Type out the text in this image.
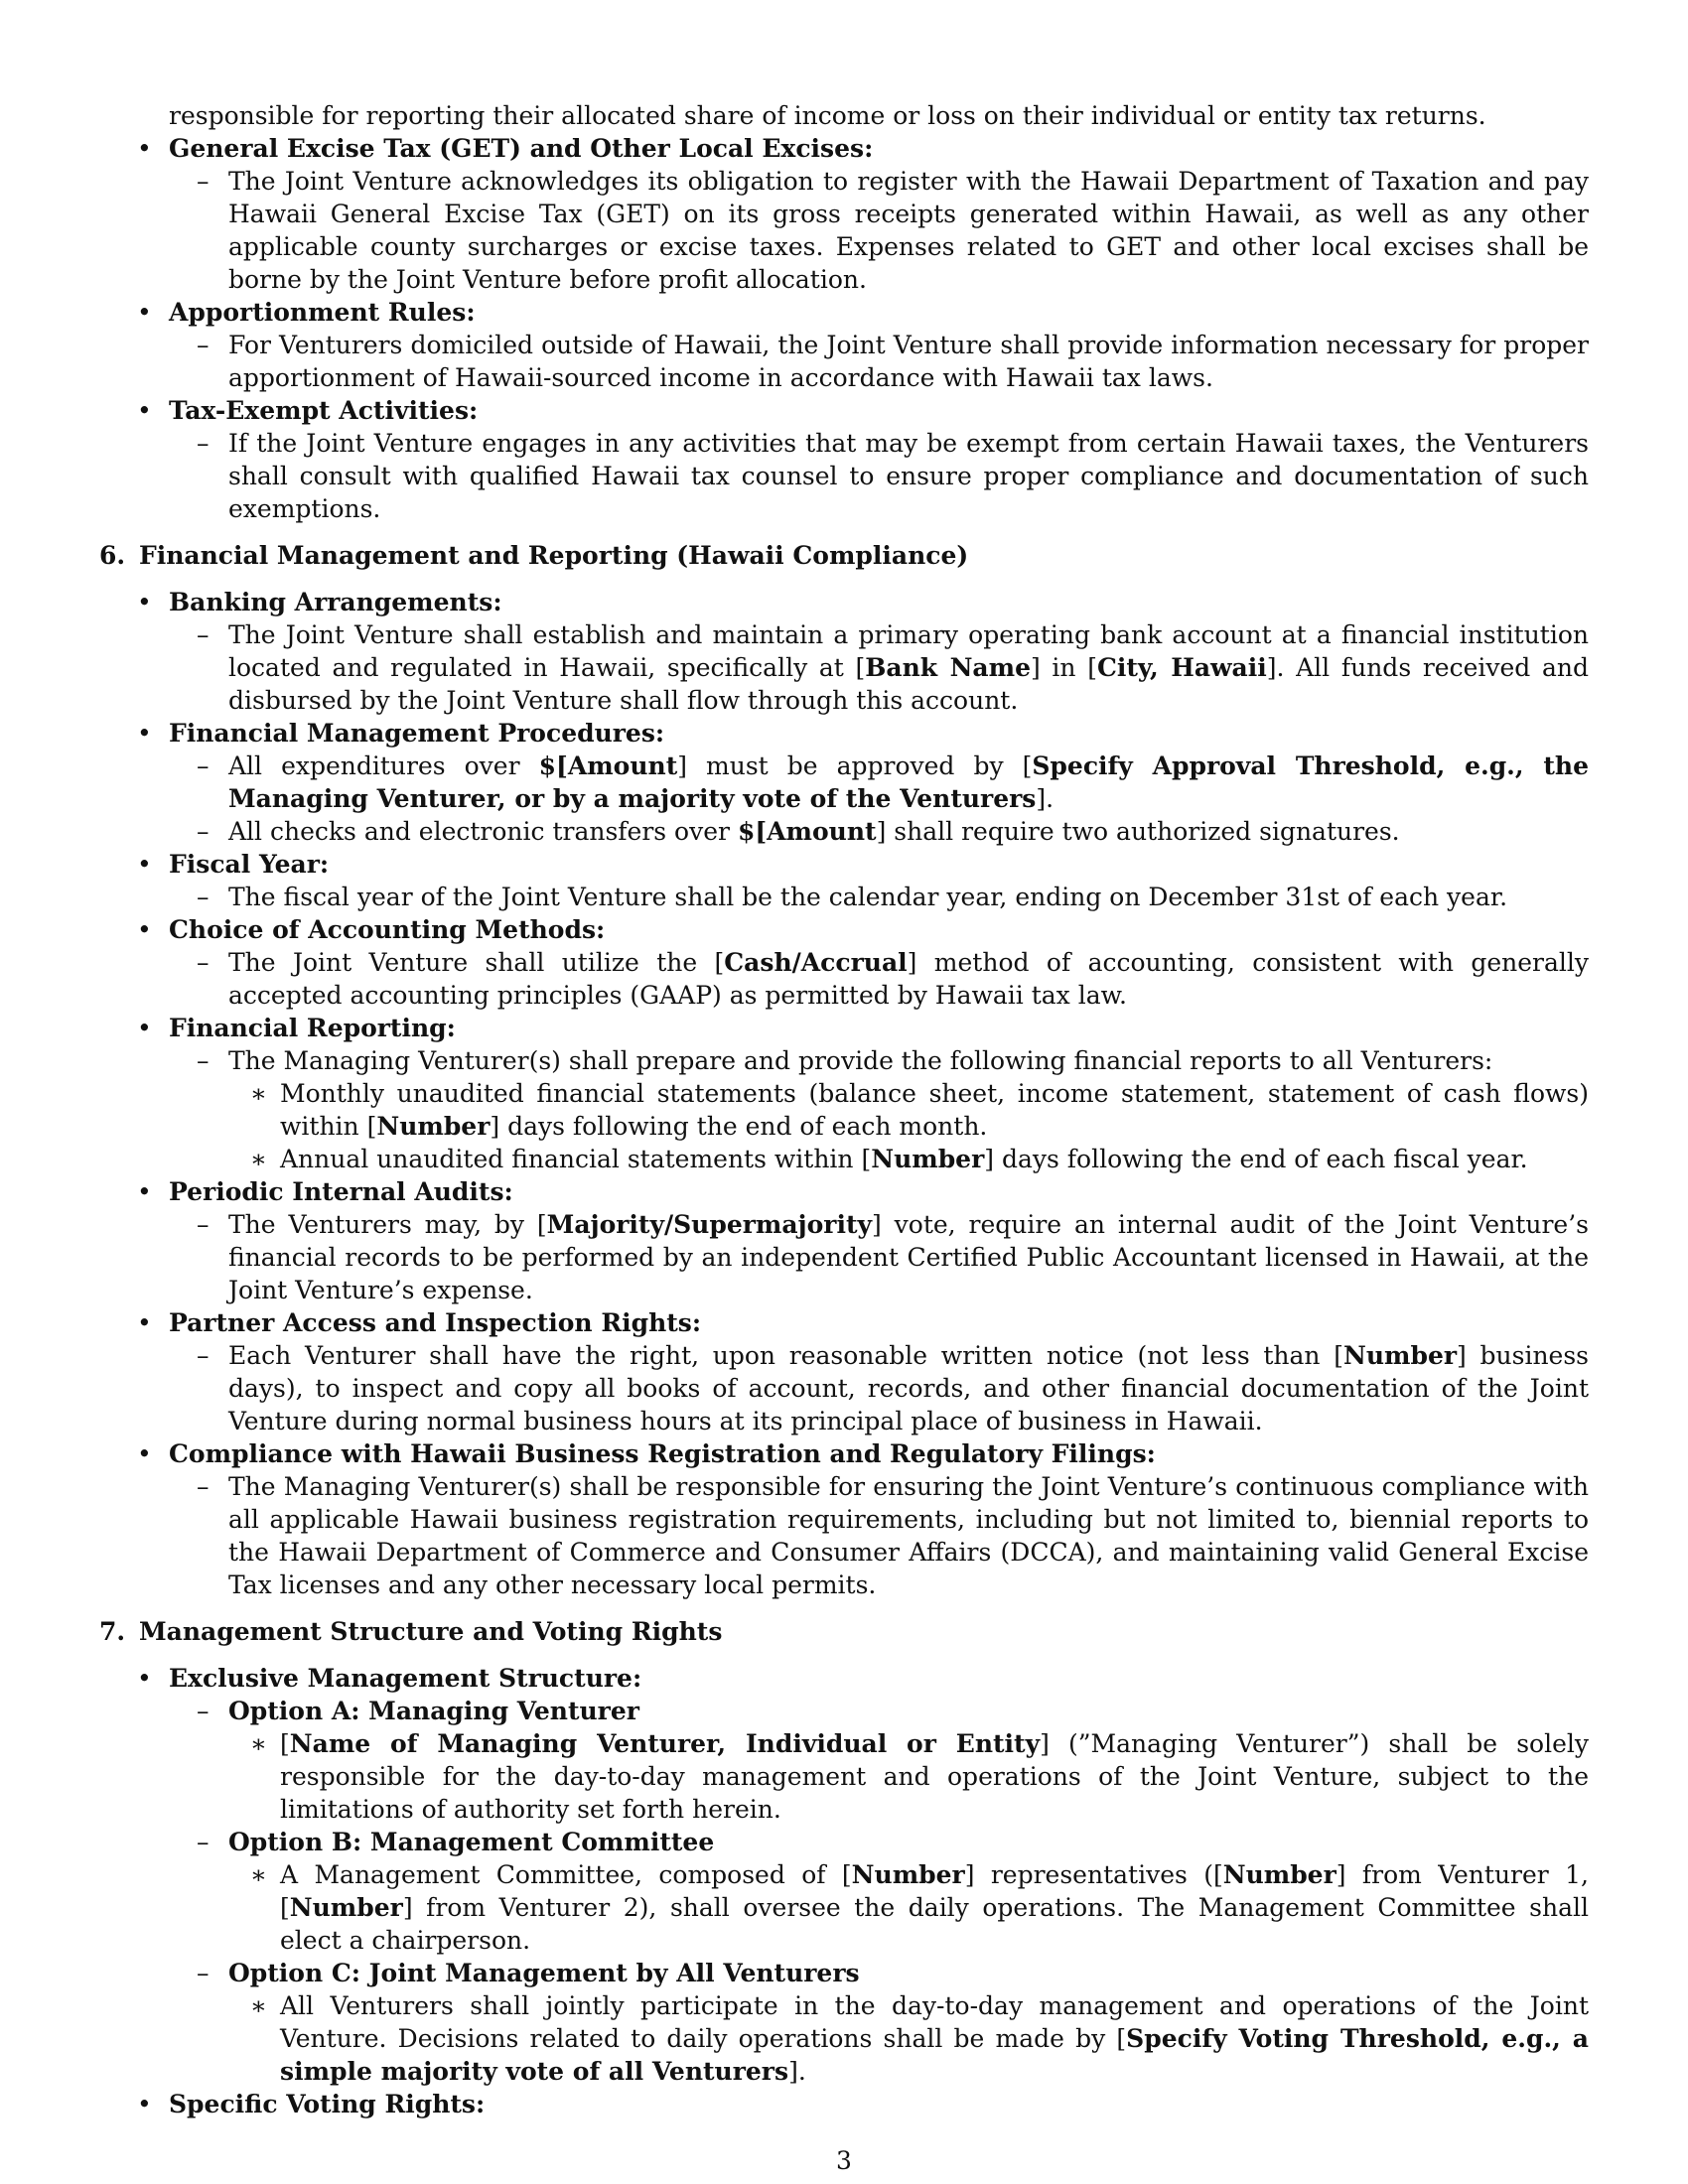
responsible for reporting their allocated share of income or loss on their individual or entity tax returns.

• General Excise Tax (GET) and Other Local Excises:

– The Joint Venture acknowledges its obligation to register with the Hawaii Department of Taxation and pay Hawaii General Excise Tax (GET) on its gross receipts generated within Hawaii, as well as any other applicable county surcharges or excise taxes. Expenses related to GET and other local excises shall be borne by the Joint Venture before profit allocation.

• Apportionment Rules:

– For Venturers domiciled outside of Hawaii, the Joint Venture shall provide information necessary for proper apportionment of Hawaii-sourced income in accordance with Hawaii tax laws.

• Tax-Exempt Activities:

– If the Joint Venture engages in any activities that may be exempt from certain Hawaii taxes, the Venturers shall consult with qualified Hawaii tax counsel to ensure proper compliance and documentation of such exemptions.

6. Financial Management and Reporting (Hawaii Compliance)

• Banking Arrangements:

– The Joint Venture shall establish and maintain a primary operating bank account at a financial institution located and regulated in Hawaii, specifically at [Bank Name] in [City, Hawaii]. All funds received and disbursed by the Joint Venture shall flow through this account.

• Financial Management Procedures:

– All expenditures over $[Amount] must be approved by [Specify Approval Threshold, e.g., the Managing Venturer, or by a majority vote of the Venturers].

– All checks and electronic transfers over $[Amount] shall require two authorized signatures.

• Fiscal Year:

– The fiscal year of the Joint Venture shall be the calendar year, ending on December 31st of each year.

• Choice of Accounting Methods:

– The Joint Venture shall utilize the [Cash/Accrual] method of accounting, consistent with generally accepted accounting principles (GAAP) as permitted by Hawaii tax law.

• Financial Reporting:

– The Managing Venturer(s) shall prepare and provide the following financial reports to all Venturers:

∗ Monthly unaudited financial statements (balance sheet, income statement, statement of cash flows) within [Number] days following the end of each month.

∗ Annual unaudited financial statements within [Number] days following the end of each fiscal year.

• Periodic Internal Audits:

– The Venturers may, by [Majority/Supermajority] vote, require an internal audit of the Joint Venture’s financial records to be performed by an independent Certified Public Accountant licensed in Hawaii, at the Joint Venture’s expense.

• Partner Access and Inspection Rights:

– Each Venturer shall have the right, upon reasonable written notice (not less than [Number] business days), to inspect and copy all books of account, records, and other financial documentation of the Joint Venture during normal business hours at its principal place of business in Hawaii.

• Compliance with Hawaii Business Registration and Regulatory Filings:

– The Managing Venturer(s) shall be responsible for ensuring the Joint Venture’s continuous compliance with all applicable Hawaii business registration requirements, including but not limited to, biennial reports to the Hawaii Department of Commerce and Consumer Affairs (DCCA), and maintaining valid General Excise Tax licenses and any other necessary local permits.

7. Management Structure and Voting Rights

• Exclusive Management Structure:

– Option A: Managing Venturer

∗ [Name of Managing Venturer, Individual or Entity] (”Managing Venturer”) shall be solely responsible for the day-to-day management and operations of the Joint Venture, subject to the limitations of authority set forth herein.

– Option B: Management Committee

∗ A Management Committee, composed of [Number] representatives ([Number] from Venturer 1, [Number] from Venturer 2), shall oversee the daily operations. The Management Committee shall elect a chairperson.

– Option C: Joint Management by All Venturers

∗ All Venturers shall jointly participate in the day-to-day management and operations of the Joint Venture. Decisions related to daily operations shall be made by [Specify Voting Threshold, e.g., a simple majority vote of all Venturers].

• Specific Voting Rights:

3
